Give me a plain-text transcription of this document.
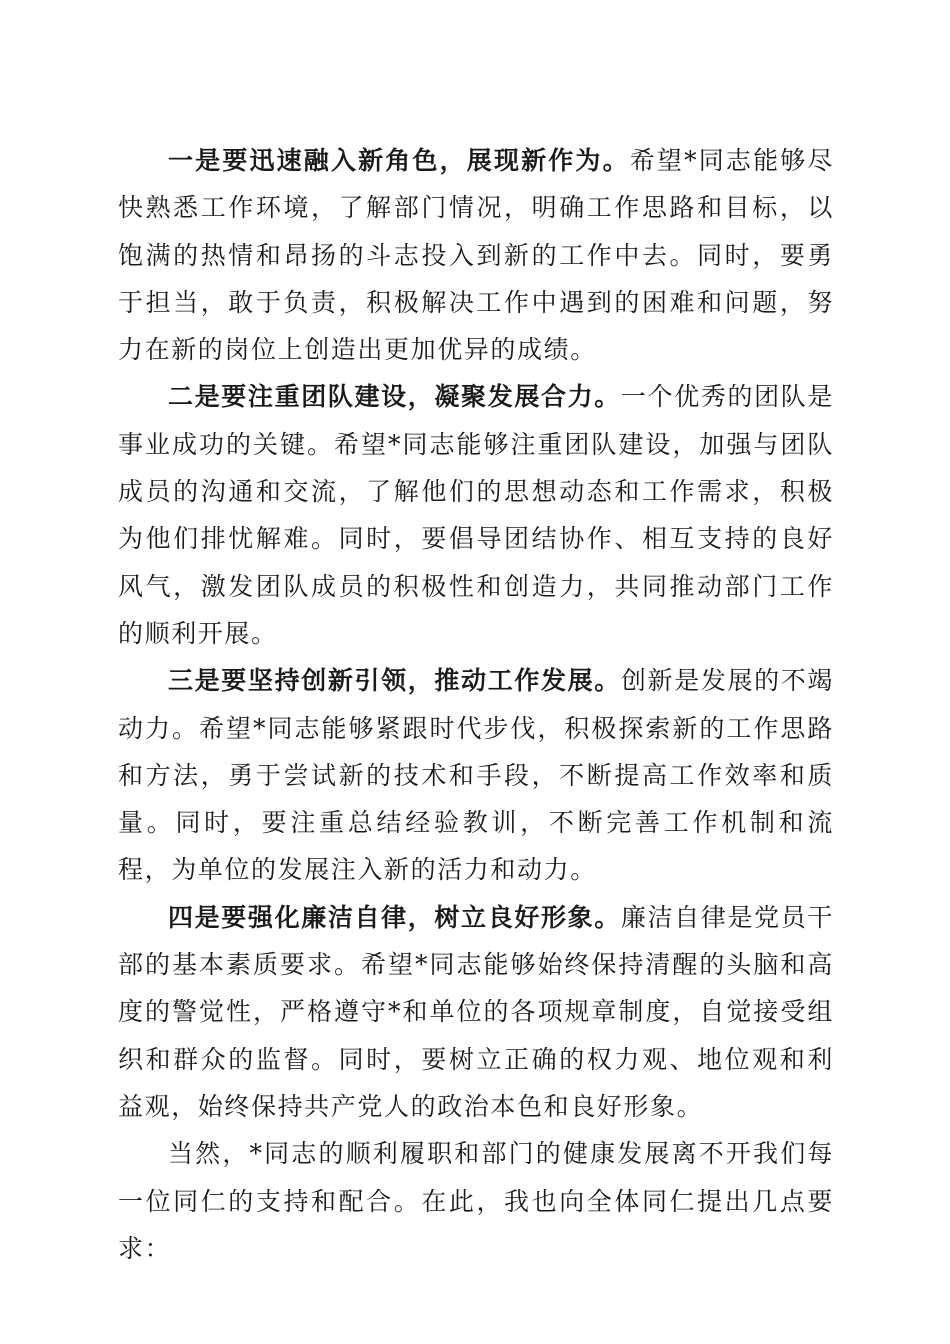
一是要迅速融入新角色，展现新作为。希望*同志能够尽快熟悉工作环境，了解部门情况，明确工作思路和目标，以饱满的热情和昂扬的斗志投入到新的工作中去。同时，要勇于担当，敢于负责，积极解决工作中遇到的困难和问题，努力在新的岗位上创造出更加优异的成绩。

二是要注重团队建设，凝聚发展合力。一个优秀的团队是事业成功的关键。希望*同志能够注重团队建设，加强与团队成员的沟通和交流，了解他们的思想动态和工作需求，积极为他们排忧解难。同时，要倡导团结协作、相互支持的良好风气，激发团队成员的积极性和创造力，共同推动部门工作的顺利开展。

三是要坚持创新引领，推动工作发展。创新是发展的不竭动力。希望*同志能够紧跟时代步伐，积极探索新的工作思路和方法，勇于尝试新的技术和手段，不断提高工作效率和质量。同时，要注重总结经验教训，不断完善工作机制和流程，为单位的发展注入新的活力和动力。

四是要强化廉洁自律，树立良好形象。廉洁自律是党员干部的基本素质要求。希望*同志能够始终保持清醒的头脑和高度的警觉性，严格遵守*和单位的各项规章制度，自觉接受组织和群众的监督。同时，要树立正确的权力观、地位观和利益观，始终保持共产党人的政治本色和良好形象。

当然，*同志的顺利履职和部门的健康发展离不开我们每一位同仁的支持和配合。在此，我也向全体同仁提出几点要求：
